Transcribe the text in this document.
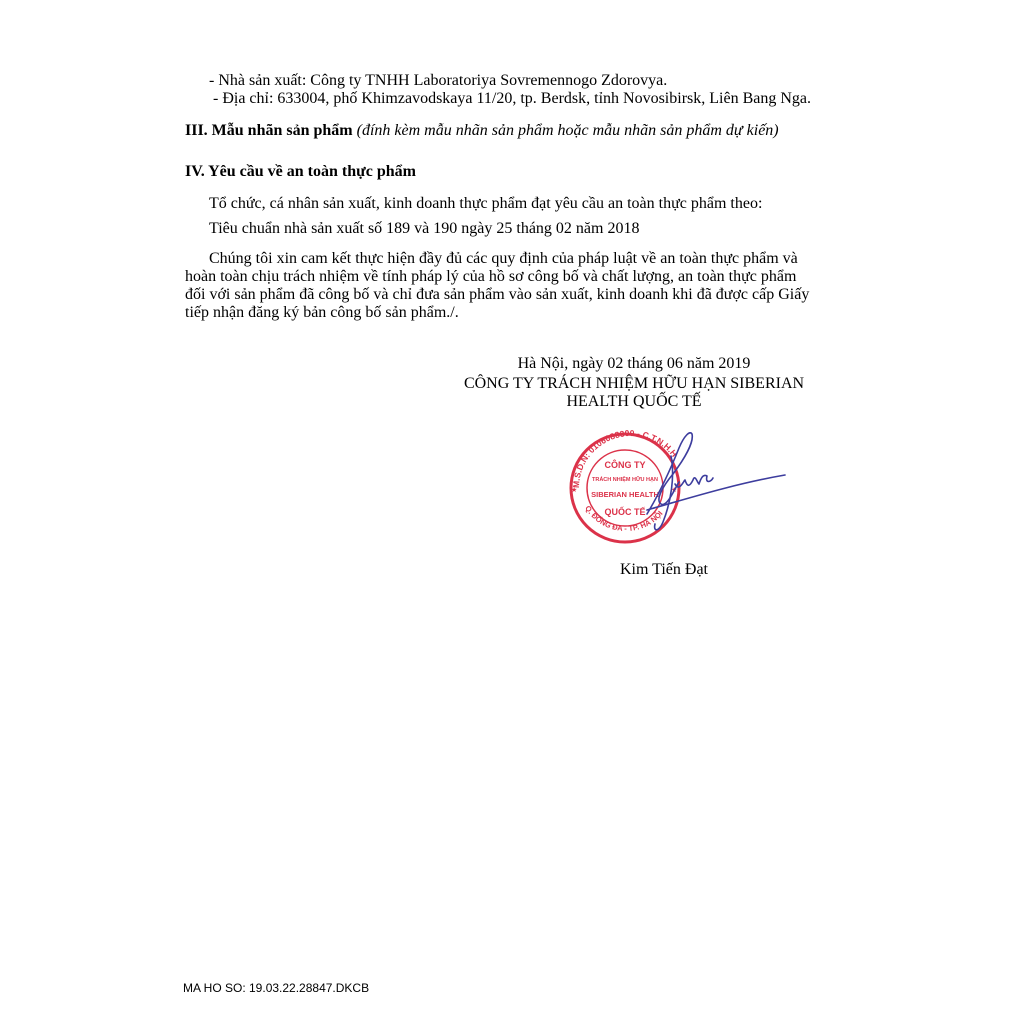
- Nhà sản xuất: Công ty TNHH Laboratoriya Sovremennogo Zdorovya.
- Địa chỉ: 633004, phố Khimzavodskaya 11/20, tp. Berdsk, tỉnh Novosibirsk, Liên Bang Nga.
III. Mẫu nhãn sản phẩm (đính kèm mẫu nhãn sản phẩm hoặc mẫu nhãn sản phẩm dự kiến)
IV. Yêu cầu về an toàn thực phẩm
Tổ chức, cá nhân sản xuất, kinh doanh thực phẩm đạt yêu cầu an toàn thực phẩm theo:
Tiêu chuẩn nhà sản xuất số 189 và 190 ngày 25 tháng 02 năm 2018
Chúng tôi xin cam kết thực hiện đầy đủ các quy định của pháp luật về an toàn thực phẩm và
hoàn toàn chịu trách nhiệm về tính pháp lý của hồ sơ công bố và chất lượng, an toàn thực phẩm
đối với sản phẩm đã công bố và chỉ đưa sản phẩm vào sản xuất, kinh doanh khi đã được cấp Giấy
tiếp nhận đăng ký bản công bố sản phẩm./.
Hà Nội, ngày 02 tháng 06 năm 2019
CÔNG TY TRÁCH NHIỆM HỮU HẠN SIBERIAN
HEALTH QUỐC TẾ
M.S.D.N: 0106088300 - C.T.N.H.H
Q. ĐỐNG ĐA - TP. HÀ NỘI
CÔNG TY
TRÁCH NHIỆM HỮU HẠN
SIBERIAN HEALTH
QUỐC TẾ
★	★
Kim Tiến Đạt
MA HO SO: 19.03.22.28847.DKCB
